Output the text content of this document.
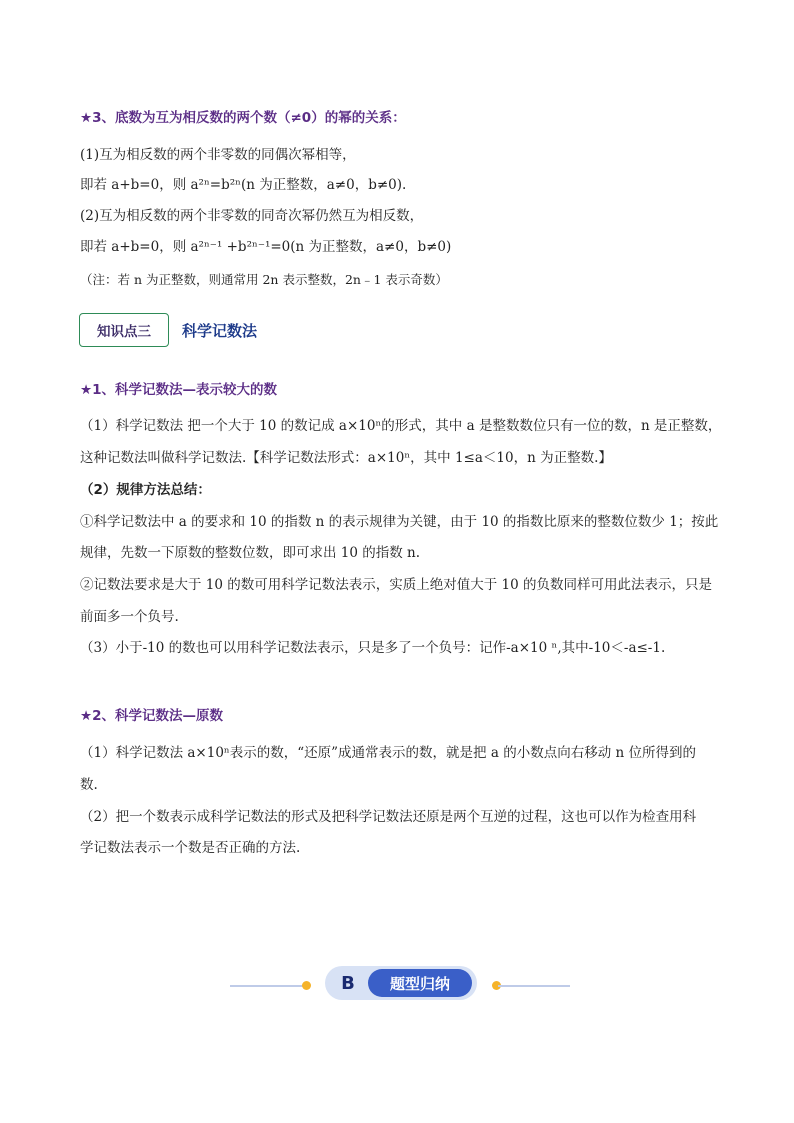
★3、底数为互为相反数的两个数（≠0）的幂的关系：
(1)互为相反数的两个非零数的同偶次幂相等，
即若 a+b=0，则 a²ⁿ=b²ⁿ(n 为正整数，a≠0，b≠0).
(2)互为相反数的两个非零数的同奇次幂仍然互为相反数，
即若 a+b=0，则 a²ⁿ⁻¹ +b²ⁿ⁻¹=0(n 为正整数，a≠0，b≠0)
（注：若 n 为正整数，则通常用 2n 表示整数，2n﹣1 表示奇数）
知识点三	科学记数法
★1、科学记数法—表示较大的数
（1）科学记数法 把一个大于 10 的数记成 a×10ⁿ的形式，其中 a 是整数数位只有一位的数，n 是正整数，
这种记数法叫做科学记数法.【科学记数法形式：a×10ⁿ，其中 1≤a＜10，n 为正整数.】
（2）规律方法总结：
①科学记数法中 a 的要求和 10 的指数 n 的表示规律为关键，由于 10 的指数比原来的整数位数少 1；按此
规律，先数一下原数的整数位数，即可求出 10 的指数 n.
②记数法要求是大于 10 的数可用科学记数法表示，实质上绝对值大于 10 的负数同样可用此法表示，只是
前面多一个负号.
（3）小于-10 的数也可以用科学记数法表示，只是多了一个负号：记作-a×10 ⁿ,其中-10＜-a≤-1.
★2、科学记数法—原数
（1）科学记数法 a×10ⁿ表示的数，“还原”成通常表示的数，就是把 a 的小数点向右移动 n 位所得到的
数.
（2）把一个数表示成科学记数法的形式及把科学记数法还原是两个互逆的过程，这也可以作为检查用科
学记数法表示一个数是否正确的方法.
B	题型归纳
